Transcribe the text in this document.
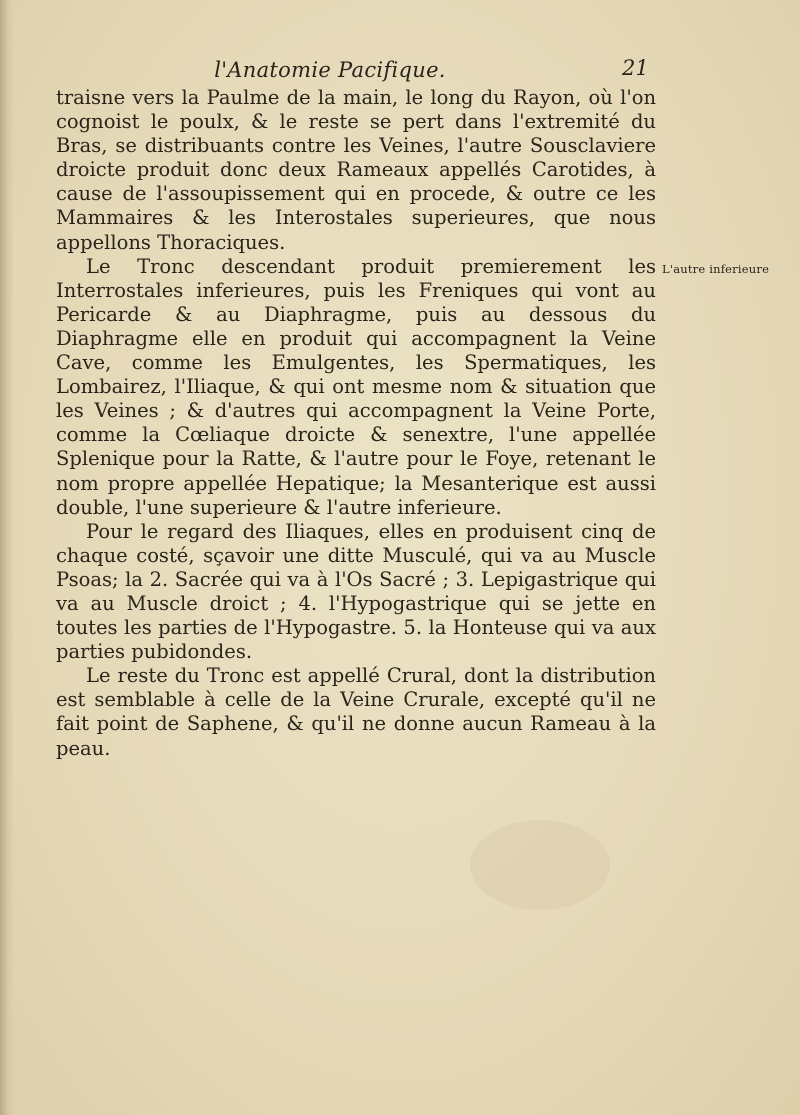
l'Anatomie Pacifique.	21

traisne vers la Paulme de la main, le long du Rayon, où l'on cognoist le poulx, & le reste se pert dans l'extremité du Bras, se distribuants contre les Veines, l'autre Sousclaviere droicte produit donc deux Rameaux appellés Carotides, à cause de l'assoupissement qui en procede, & outre ce les Mammaires & les Interostales superieures, que nous appellons Thoraciques.

Le Tronc descendant produit premierement les Interrostales inferieures, puis les Freniques qui vont au Pericarde & au Diaphragme, puis au dessous du Diaphragme elle en produit qui accompagnent la Veine Cave, comme les Emulgentes, les Spermatiques, les Lombairez, l'Iliaque, & qui ont mesme nom & situation que les Veines ; & d'autres qui accompagnent la Veine Porte, comme la Cœliaque droicte & senextre, l'une appellée Splenique pour la Ratte, & l'autre pour le Foye, retenant le nom propre appellée Hepatique; la Mesanterique est aussi double, l'une superieure & l'autre inferieure.

Pour le regard des Iliaques, elles en produisent cinq de chaque costé, sçavoir une ditte Musculé, qui va au Muscle Psoas; la 2. Sacrée qui va à l'Os Sacré ; 3. Lepigastrique qui va au Muscle droict ; 4. l'Hypogastrique qui se jette en toutes les parties de l'Hypogastre. 5. la Honteuse qui va aux parties pubidondes.

Le reste du Tronc est appellé Crural, dont la distribution est semblable à celle de la Veine Crurale, excepté qu'il ne fait point de Saphene, & qu'il ne donne aucun Rameau à la peau.

L'autre inferieure
